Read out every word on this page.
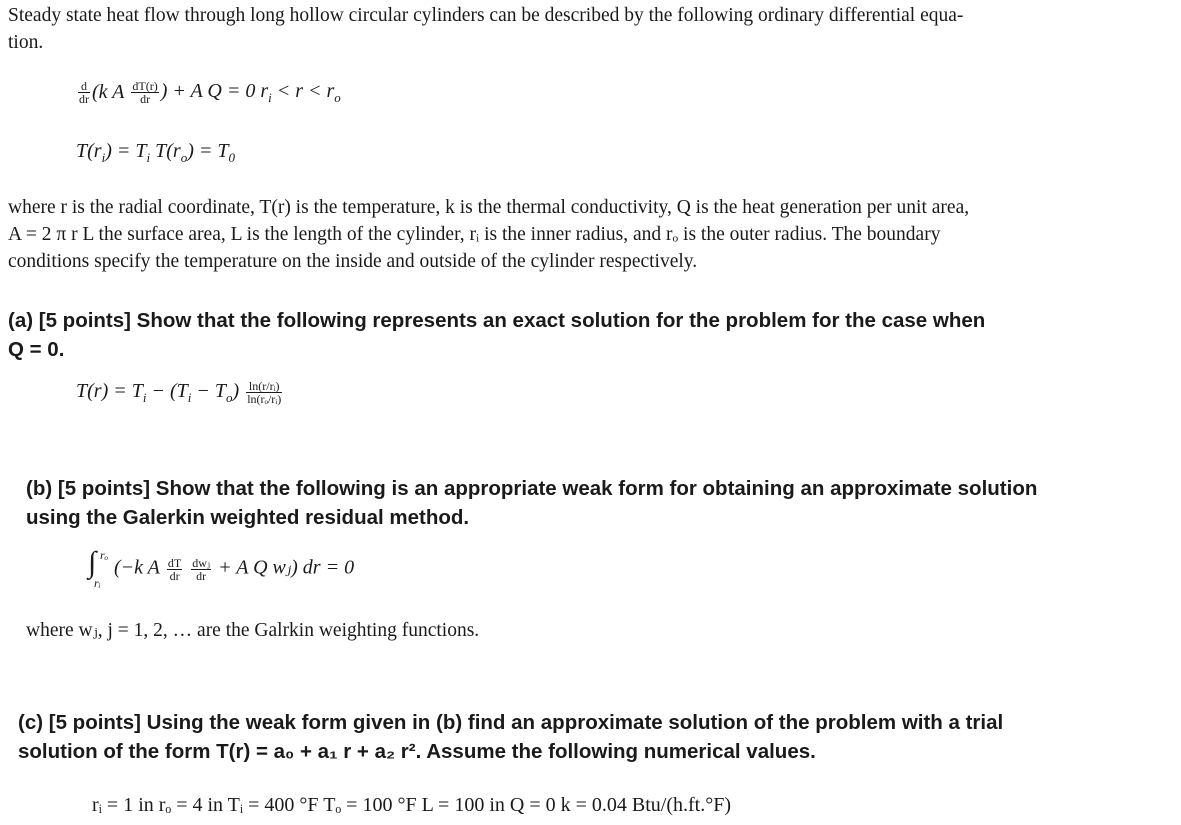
Steady state heat flow through long hollow circular cylinders can be described by the following ordinary differential equa-
tion.
$\frac{d}{dr} (k$ A $\frac{dT(r)}{dr}$ ) + A Q = 0 $r_i < r < r_o$
$T(r_i) = T_i$ $T(r_o) = T_0$
where r is the radial coordinate, T(r) is the temperature, k is the thermal conductivity, Q is the heat generation per unit area,
A = 2 π r L the surface area, L is the length of the cylinder, rᵢ is the inner radius, and rₒ is the outer radius. The boundary
conditions specify the temperature on the inside and outside of the cylinder respectively.
(a) [5 points] Show that the following represents an exact solution for the problem for the case when
Q = 0.
$T(r) = T_i - (T_i - T_o) \frac{\text{ln(r/rᵢ)}}{\text{ln(rₒ/rᵢ)}}$
(b) [5 points] Show that the following is an appropriate weak form for obtaining an approximate solution
using the Galerkin weighted residual method.
∫ rₒ
rᵢ
(−k A $\frac{dT}{dr}$
$\frac{\text{dwⱼ}}{dr} + A$ Q wⱼ) dr = 0
where wⱼ, j = 1, 2, … are the Galrkin weighting functions.
(c) [5 points] Using the weak form given in (b) find an approximate solution of the problem with a trial
solution of the form T(r) = a₀ + a₁ r + a₂ r². Assume the following numerical values.
rᵢ = 1 in rₒ = 4 in Tᵢ = 400 °F Tₒ = 100 °F L = 100 in Q = 0 k = 0.04 Btu/(h.ft.°F)
